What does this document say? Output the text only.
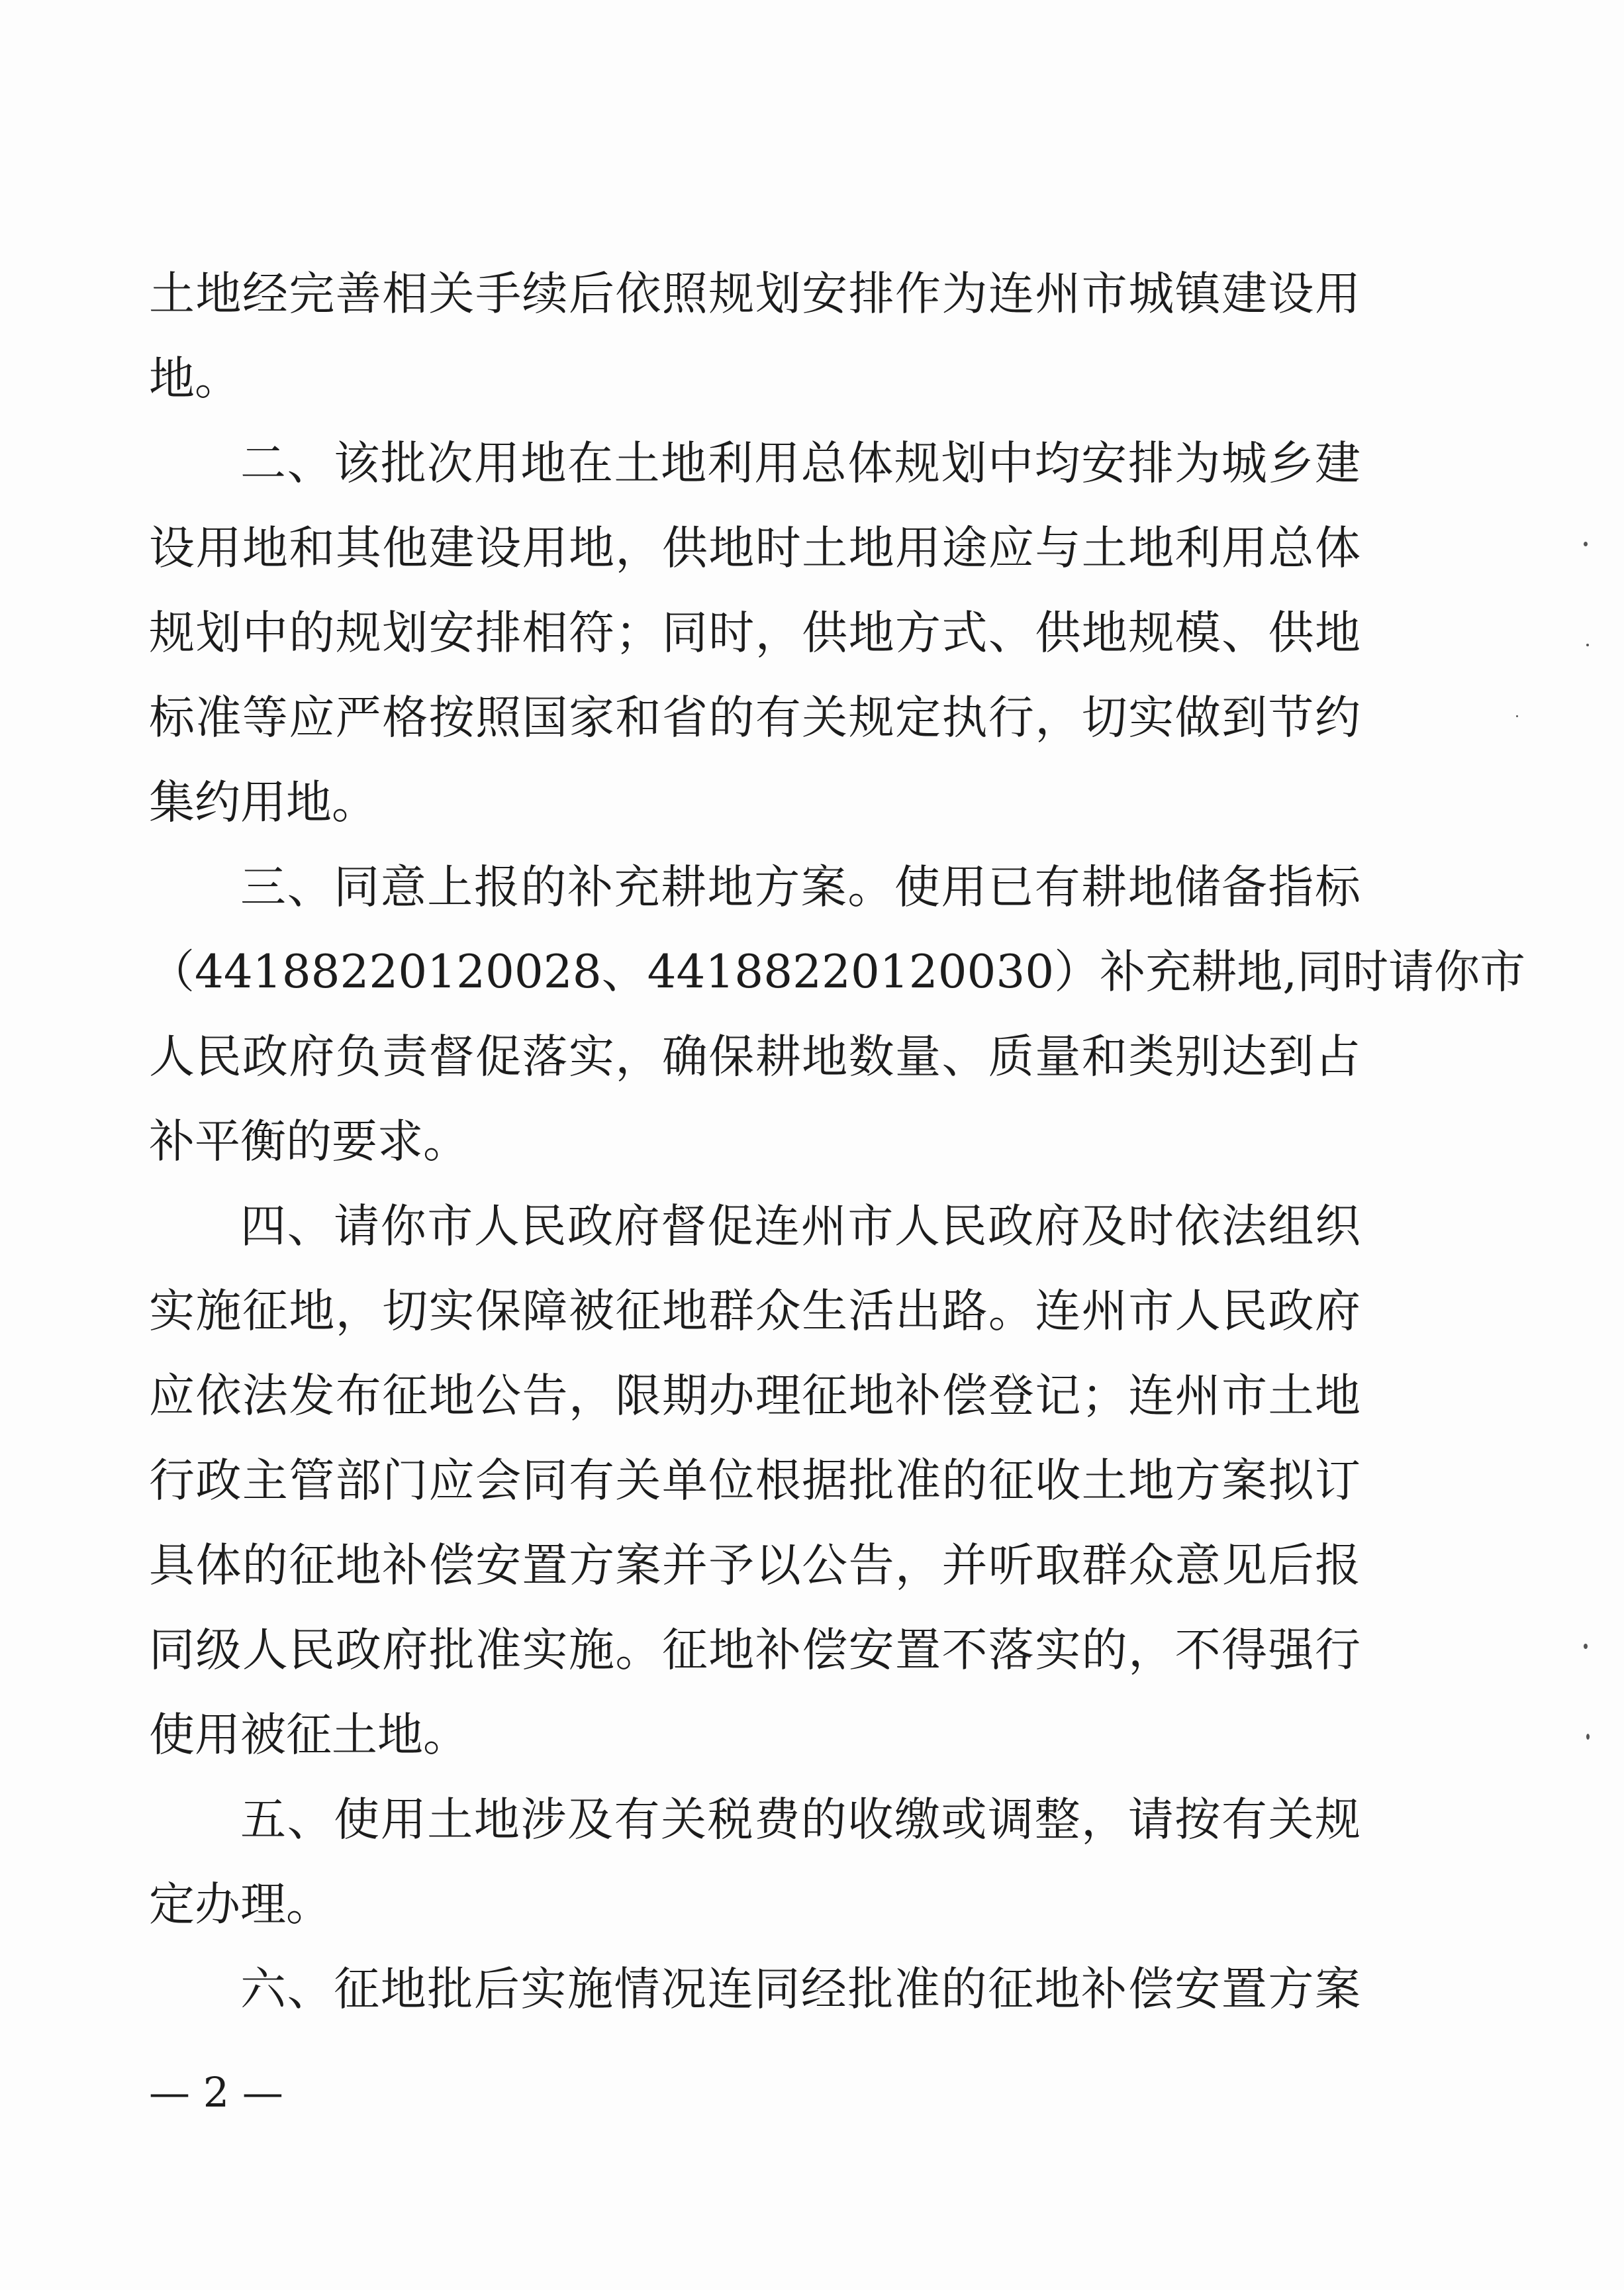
土地经完善相关手续后依照规划安排作为连州市城镇建设用
地。
二、该批次用地在土地利用总体规划中均安排为城乡建
设用地和其他建设用地，供地时土地用途应与土地利用总体
规划中的规划安排相符；同时，供地方式、供地规模、供地
标准等应严格按照国家和省的有关规定执行，切实做到节约
集约用地。
三、同意上报的补充耕地方案。使用已有耕地储备指标
（44188220120028、44188220120030）补充耕地,同时请你市
人民政府负责督促落实，确保耕地数量、质量和类别达到占
补平衡的要求。
四、请你市人民政府督促连州市人民政府及时依法组织
实施征地，切实保障被征地群众生活出路。连州市人民政府
应依法发布征地公告，限期办理征地补偿登记；连州市土地
行政主管部门应会同有关单位根据批准的征收土地方案拟订
具体的征地补偿安置方案并予以公告，并听取群众意见后报
同级人民政府批准实施。征地补偿安置不落实的，不得强行
使用被征土地。
五、使用土地涉及有关税费的收缴或调整，请按有关规
定办理。
六、征地批后实施情况连同经批准的征地补偿安置方案
— 2 —
